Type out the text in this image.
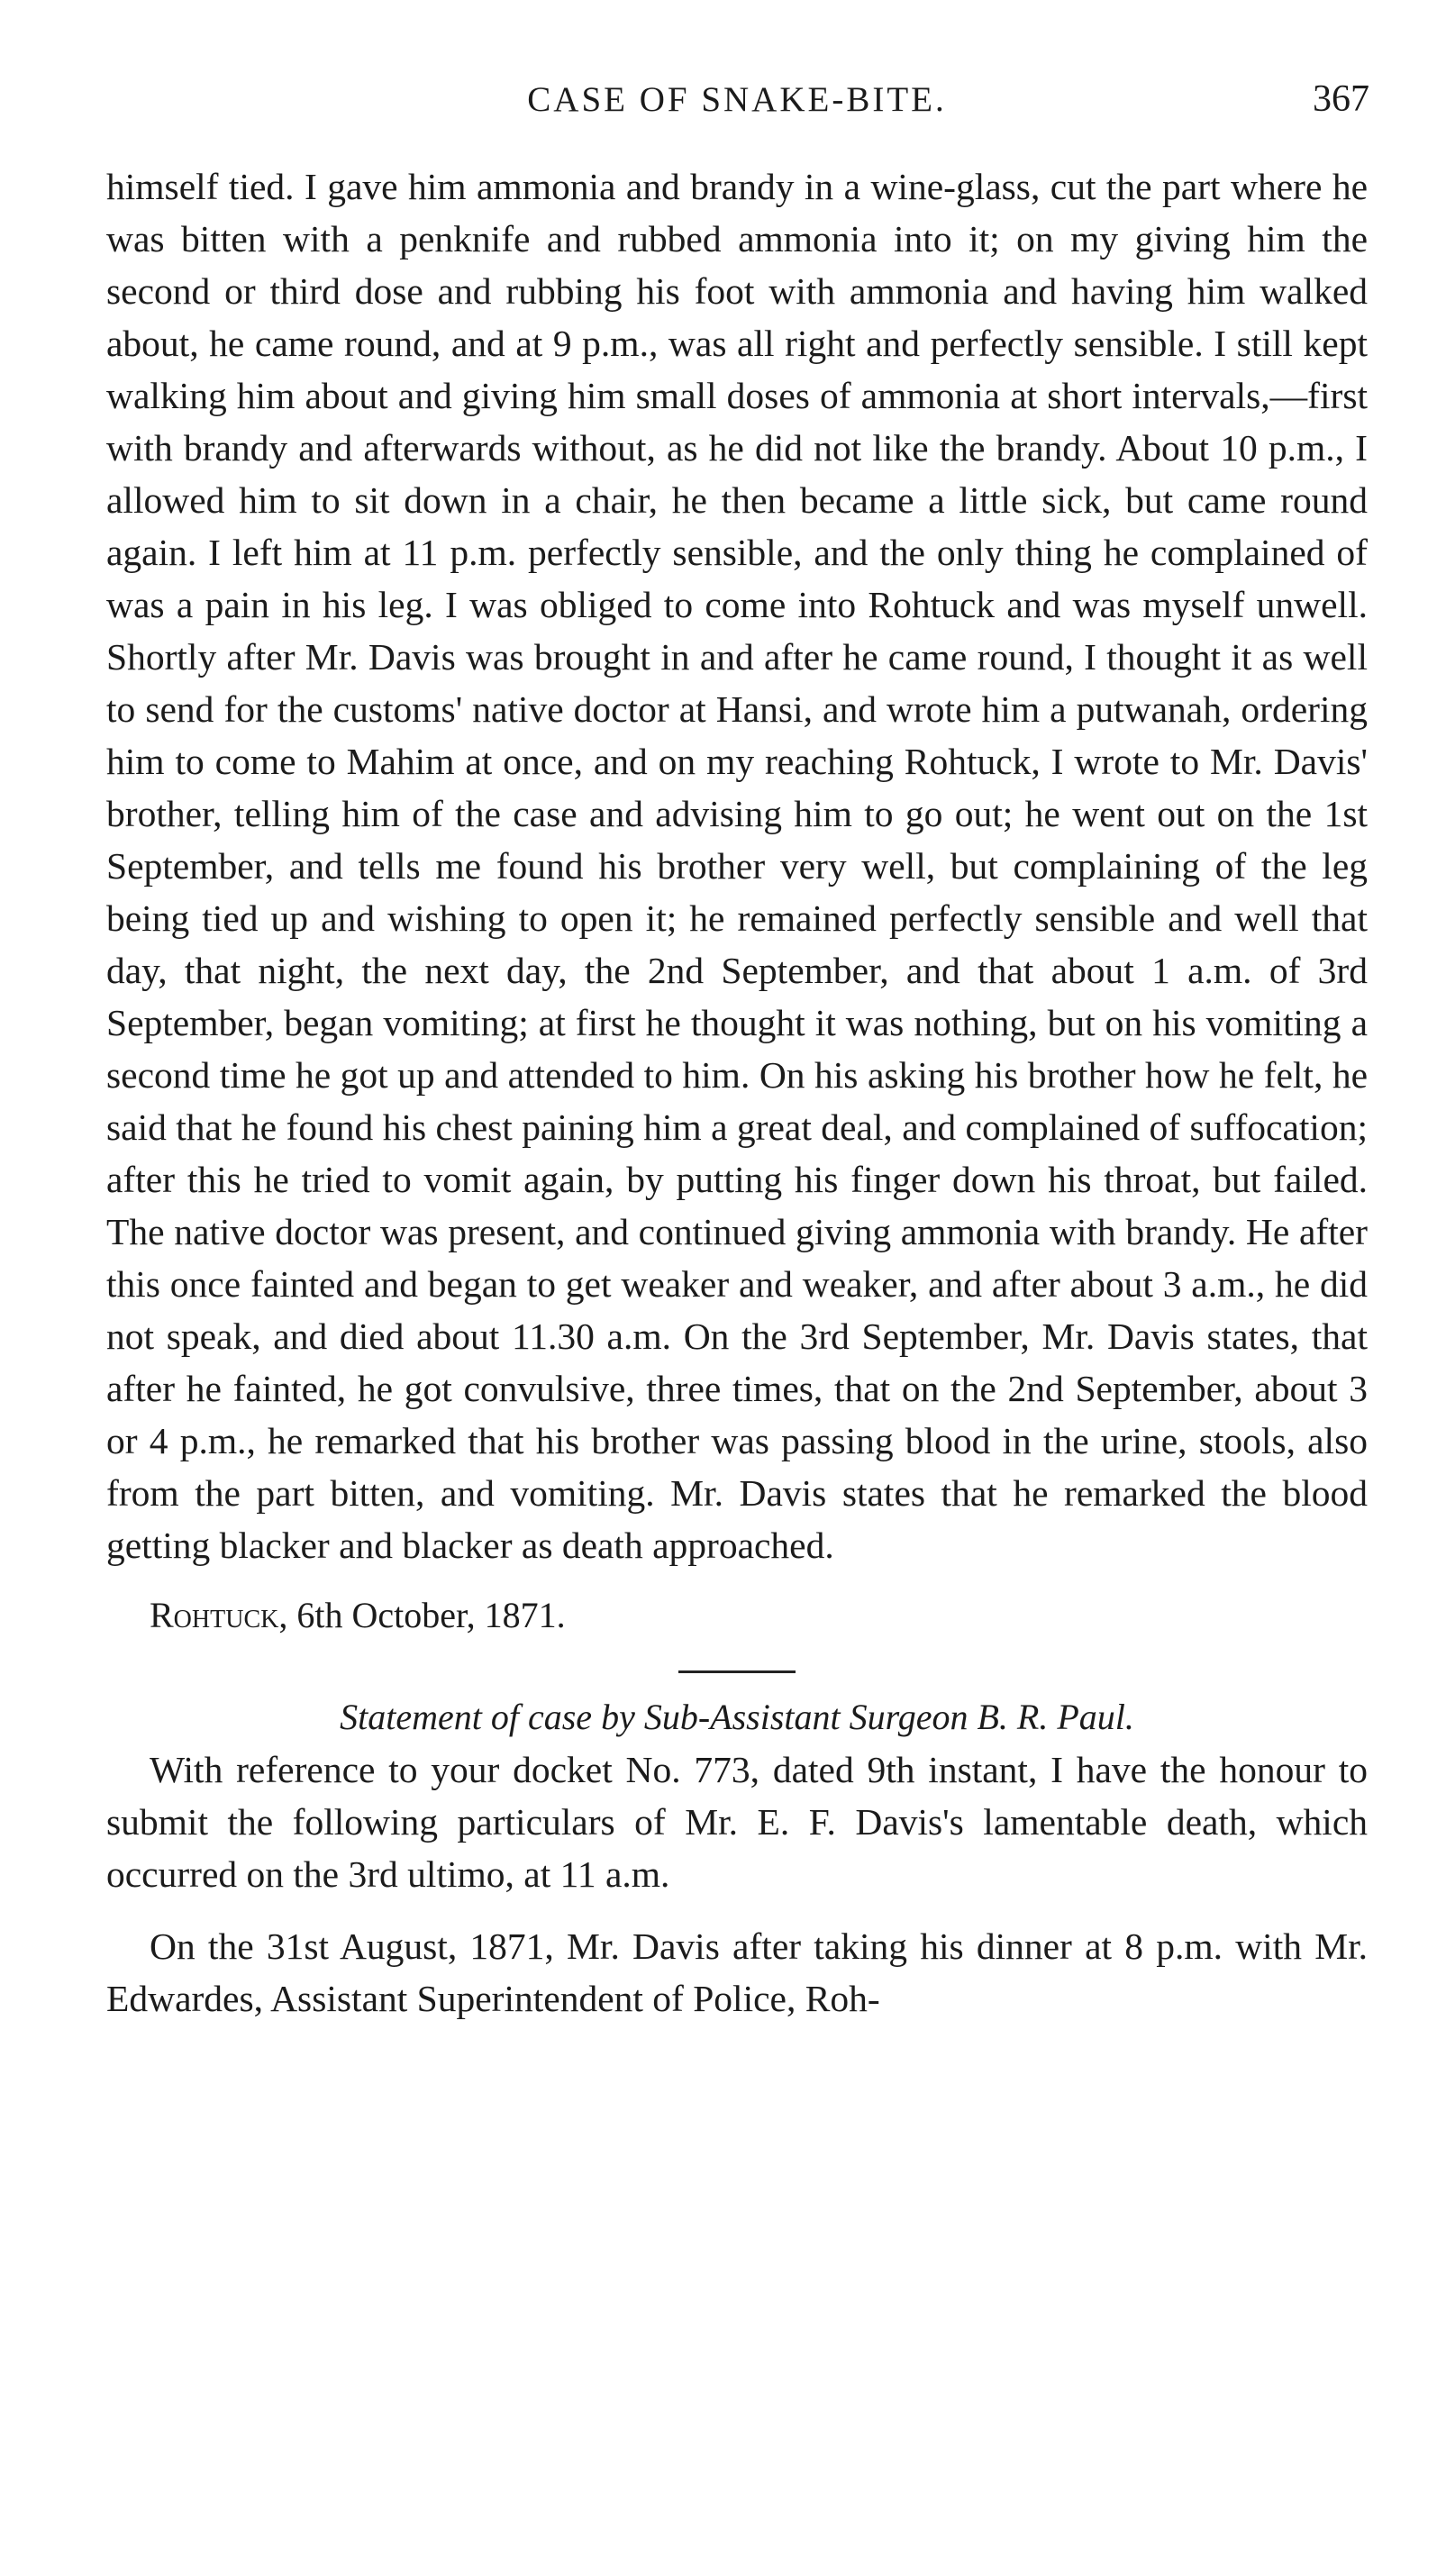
CASE OF SNAKE-BITE.	367

himself tied. I gave him ammonia and brandy in a wine-glass, cut the part where he was bitten with a penknife and rubbed ammonia into it; on my giving him the second or third dose and rubbing his foot with ammonia and having him walked about, he came round, and at 9 p.m., was all right and perfectly sensible. I still kept walking him about and giving him small doses of ammonia at short intervals,—first with brandy and afterwards without, as he did not like the brandy. About 10 p.m., I allowed him to sit down in a chair, he then became a little sick, but came round again. I left him at 11 p.m. perfectly sensible, and the only thing he complained of was a pain in his leg. I was obliged to come into Rohtuck and was myself unwell. Shortly after Mr. Davis was brought in and after he came round, I thought it as well to send for the customs' native doctor at Hansi, and wrote him a putwanah, ordering him to come to Mahim at once, and on my reaching Rohtuck, I wrote to Mr. Davis' brother, telling him of the case and advising him to go out; he went out on the 1st September, and tells me found his brother very well, but complaining of the leg being tied up and wishing to open it; he remained perfectly sensible and well that day, that night, the next day, the 2nd September, and that about 1 a.m. of 3rd September, began vomiting; at first he thought it was nothing, but on his vomiting a second time he got up and attended to him. On his asking his brother how he felt, he said that he found his chest paining him a great deal, and complained of suffocation; after this he tried to vomit again, by putting his finger down his throat, but failed. The native doctor was present, and continued giving ammonia with brandy. He after this once fainted and began to get weaker and weaker, and after about 3 a.m., he did not speak, and died about 11.30 a.m. On the 3rd September, Mr. Davis states, that after he fainted, he got convulsive, three times, that on the 2nd September, about 3 or 4 p.m., he remarked that his brother was passing blood in the urine, stools, also from the part bitten, and vomiting. Mr. Davis states that he remarked the blood getting blacker and blacker as death approached.

Rohtuck, 6th October, 1871.
Statement of case by Sub-Assistant Surgeon B. R. Paul.

With reference to your docket No. 773, dated 9th instant, I have the honour to submit the following particulars of Mr. E. F. Davis's lamentable death, which occurred on the 3rd ultimo, at 11 a.m.

On the 31st August, 1871, Mr. Davis after taking his dinner at 8 p.m. with Mr. Edwardes, Assistant Superintendent of Police, Roh-
